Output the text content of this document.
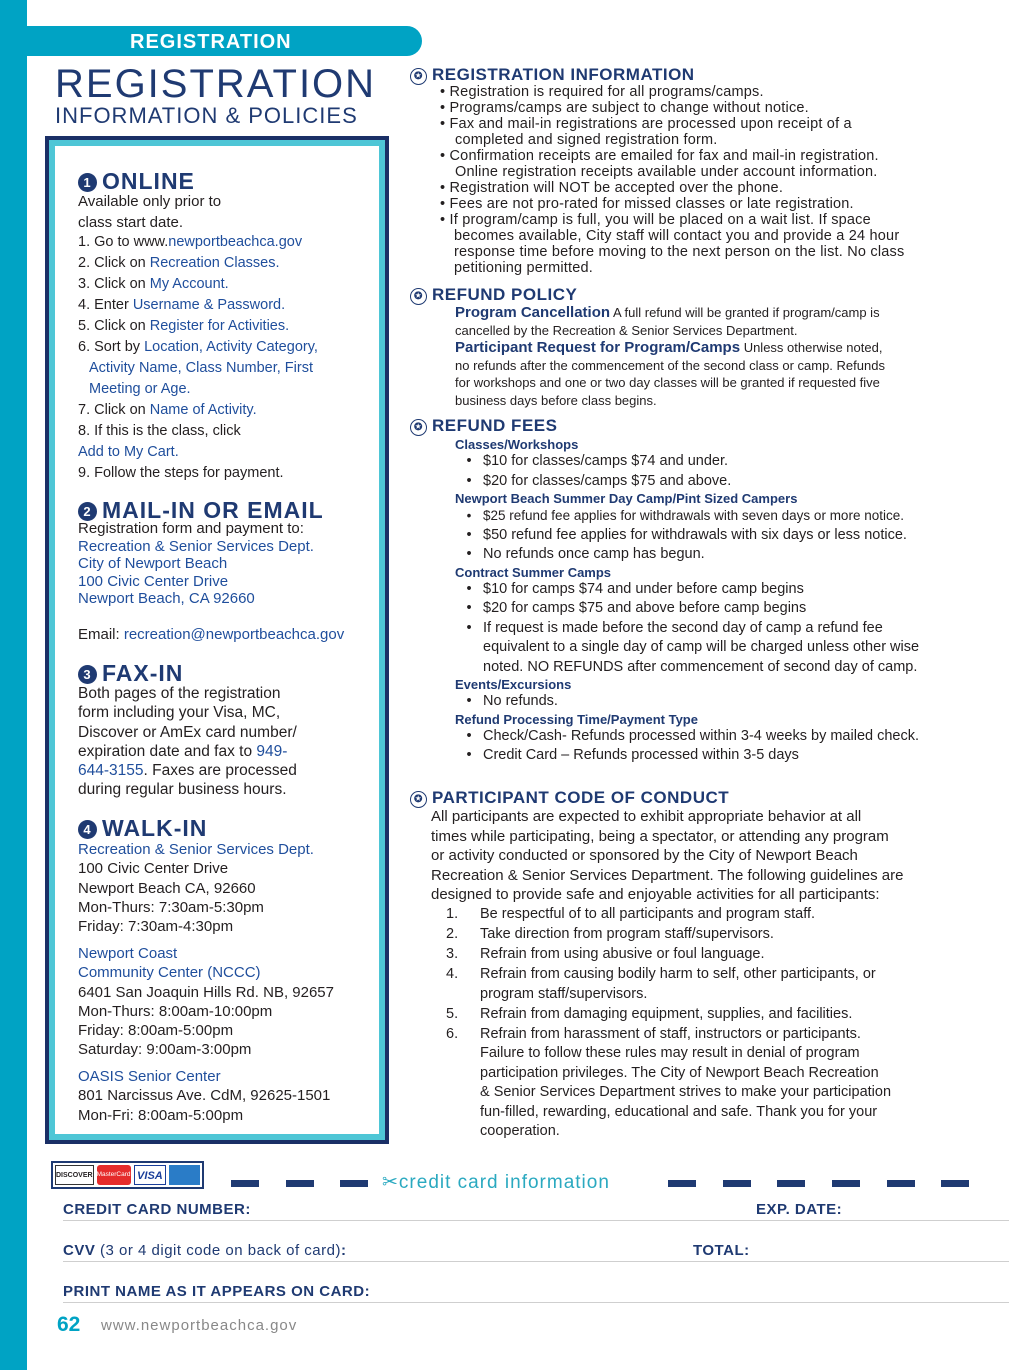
REGISTRATION
REGISTRATION
INFORMATION & POLICIES
1 ONLINE
Available only prior to
class start date.
1. Go to www.newportbeachca.gov
2. Click on Recreation Classes.
3. Click on My Account.
4. Enter Username & Password.
5. Click on Register for Activities.
6. Sort by Location, Activity Category,
Activity Name, Class Number, First
Meeting or Age.
7. Click on Name of Activity.
8. If this is the class, click
Add to My Cart.
9. Follow the steps for payment.
2 MAIL-IN OR EMAIL
Registration form and payment to:
Recreation & Senior Services Dept.
City of Newport Beach
100 Civic Center Drive
Newport Beach, CA 92660
Email: recreation@newportbeachca.gov
3 FAX-IN
Both pages of the registration
form including your Visa, MC,
Discover or AmEx card number/
expiration date and fax to 949-
644-3155. Faxes are processed
during regular business hours.
4 WALK-IN
Recreation & Senior Services Dept.
100 Civic Center Drive
Newport Beach CA, 92660
Mon-Thurs: 7:30am-5:30pm
Friday: 7:30am-4:30pm
Newport Coast
Community Center (NCCC)
6401 San Joaquin Hills Rd. NB, 92657
Mon-Thurs: 8:00am-10:00pm
Friday: 8:00am-5:00pm
Saturday: 9:00am-3:00pm
OASIS Senior Center
801 Narcissus Ave. CdM, 92625-1501
Mon-Fri: 8:00am-5:00pm
✪ REGISTRATION INFORMATION
• Registration is required for all programs/camps.
• Programs/camps are subject to change without notice.
• Fax and mail-in registrations are processed upon receipt of a
completed and signed registration form.
• Confirmation receipts are emailed for fax and mail-in registration.
Online registration receipts available under account information.
• Registration will NOT be accepted over the phone.
• Fees are not pro-rated for missed classes or late registration.
• If program/camp is full, you will be placed on a wait list. If space
becomes available, City staff will contact you and provide a 24 hour
response time before moving to the next person on the list. No class
petitioning permitted.
✪ REFUND POLICY
Program Cancellation A full refund will be granted if program/camp is
cancelled by the Recreation & Senior Services Department.
Participant Request for Program/Camps Unless otherwise noted,
no refunds after the commencement of the second class or camp. Refunds
for workshops and one or two day classes will be granted if requested five
business days before class begins.
✪ REFUND FEES
Classes/Workshops
• $10 for classes/camps $74 and under.
• $20 for classes/camps $75 and above.
Newport Beach Summer Day Camp/Pint Sized Campers
• $25 refund fee applies for withdrawals with seven days or more notice.
• $50 refund fee applies for withdrawals with six days or less notice.
• No refunds once camp has begun.
Contract Summer Camps
• $10 for camps $74 and under before camp begins
• $20 for camps $75 and above before camp begins
• If request is made before the second day of camp a refund fee
equivalent to a single day of camp will be charged unless other wise
noted. NO REFUNDS after commencement of second day of camp.
Events/Excursions
• No refunds.
Refund Processing Time/Payment Type
• Check/Cash- Refunds processed within 3-4 weeks by mailed check.
• Credit Card – Refunds processed within 3-5 days
✪ PARTICIPANT CODE OF CONDUCT
All participants are expected to exhibit appropriate behavior at all
times while participating, being a spectator, or attending any program
or activity conducted or sponsored by the City of Newport Beach
Recreation & Senior Services Department. The following guidelines are
designed to provide safe and enjoyable activities for all participants:
1. Be respectful of to all participants and program staff.
2. Take direction from program staff/supervisors.
3. Refrain from using abusive or foul language.
4. Refrain from causing bodily harm to self, other participants, or
program staff/supervisors.
5. Refrain from damaging equipment, supplies, and facilities.
6. Refrain from harassment of staff, instructors or participants.
Failure to follow these rules may result in denial of program
participation privileges. The City of Newport Beach Recreation
& Senior Services Department strives to make your participation
fun-filled, rewarding, educational and safe. Thank you for your
cooperation.
DISCOVER MasterCard VISA
AMEX
✂credit card information
CREDIT CARD NUMBER:	EXP. DATE:
CVV (3 or 4 digit code on back of card):	TOTAL:
PRINT NAME AS IT APPEARS ON CARD:
62 www.newportbeachca.gov
